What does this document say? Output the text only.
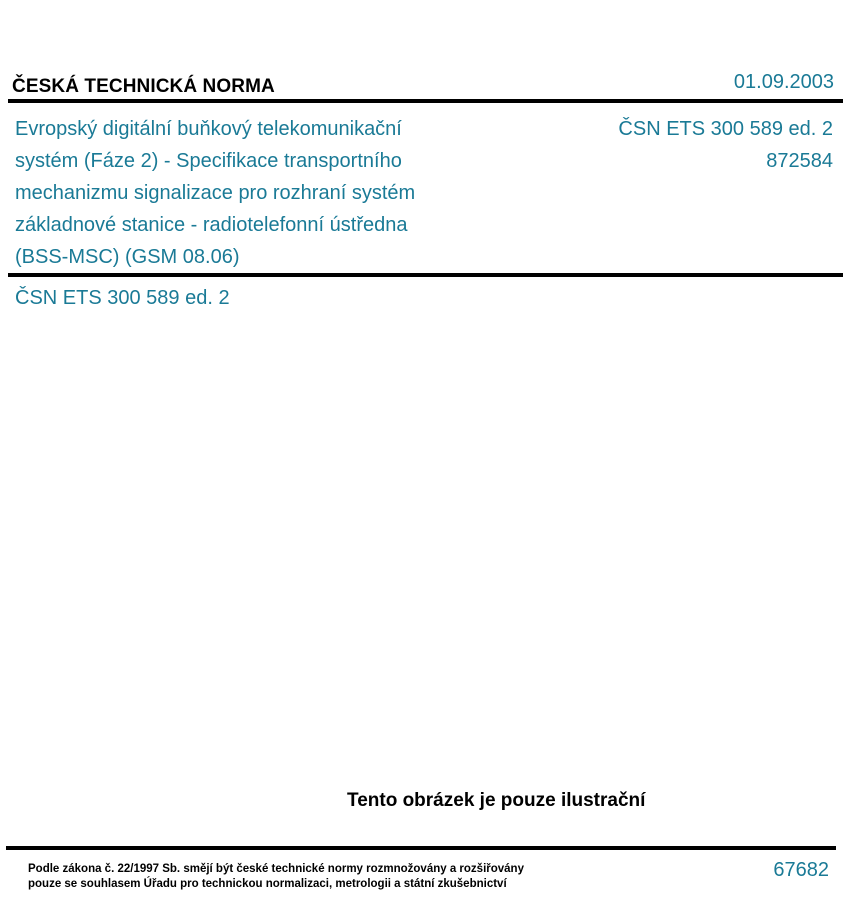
ČESKÁ TECHNICKÁ NORMA	01.09.2003
Evropský digitální buňkový telekomunikační
systém (Fáze 2) - Specifikace transportního
mechanizmu signalizace pro rozhraní systém
základnové stanice - radiotelefonní ústředna
(BSS-MSC) (GSM 08.06)
ČSN ETS 300 589 ed. 2
872584
ČSN ETS 300 589 ed. 2
Tento obrázek je pouze ilustrační
Podle zákona č. 22/1997 Sb. smějí být české technické normy rozmnožovány a rozšiřovány
pouze se souhlasem Úřadu pro technickou normalizaci, metrologii a státní zkušebnictví
67682
